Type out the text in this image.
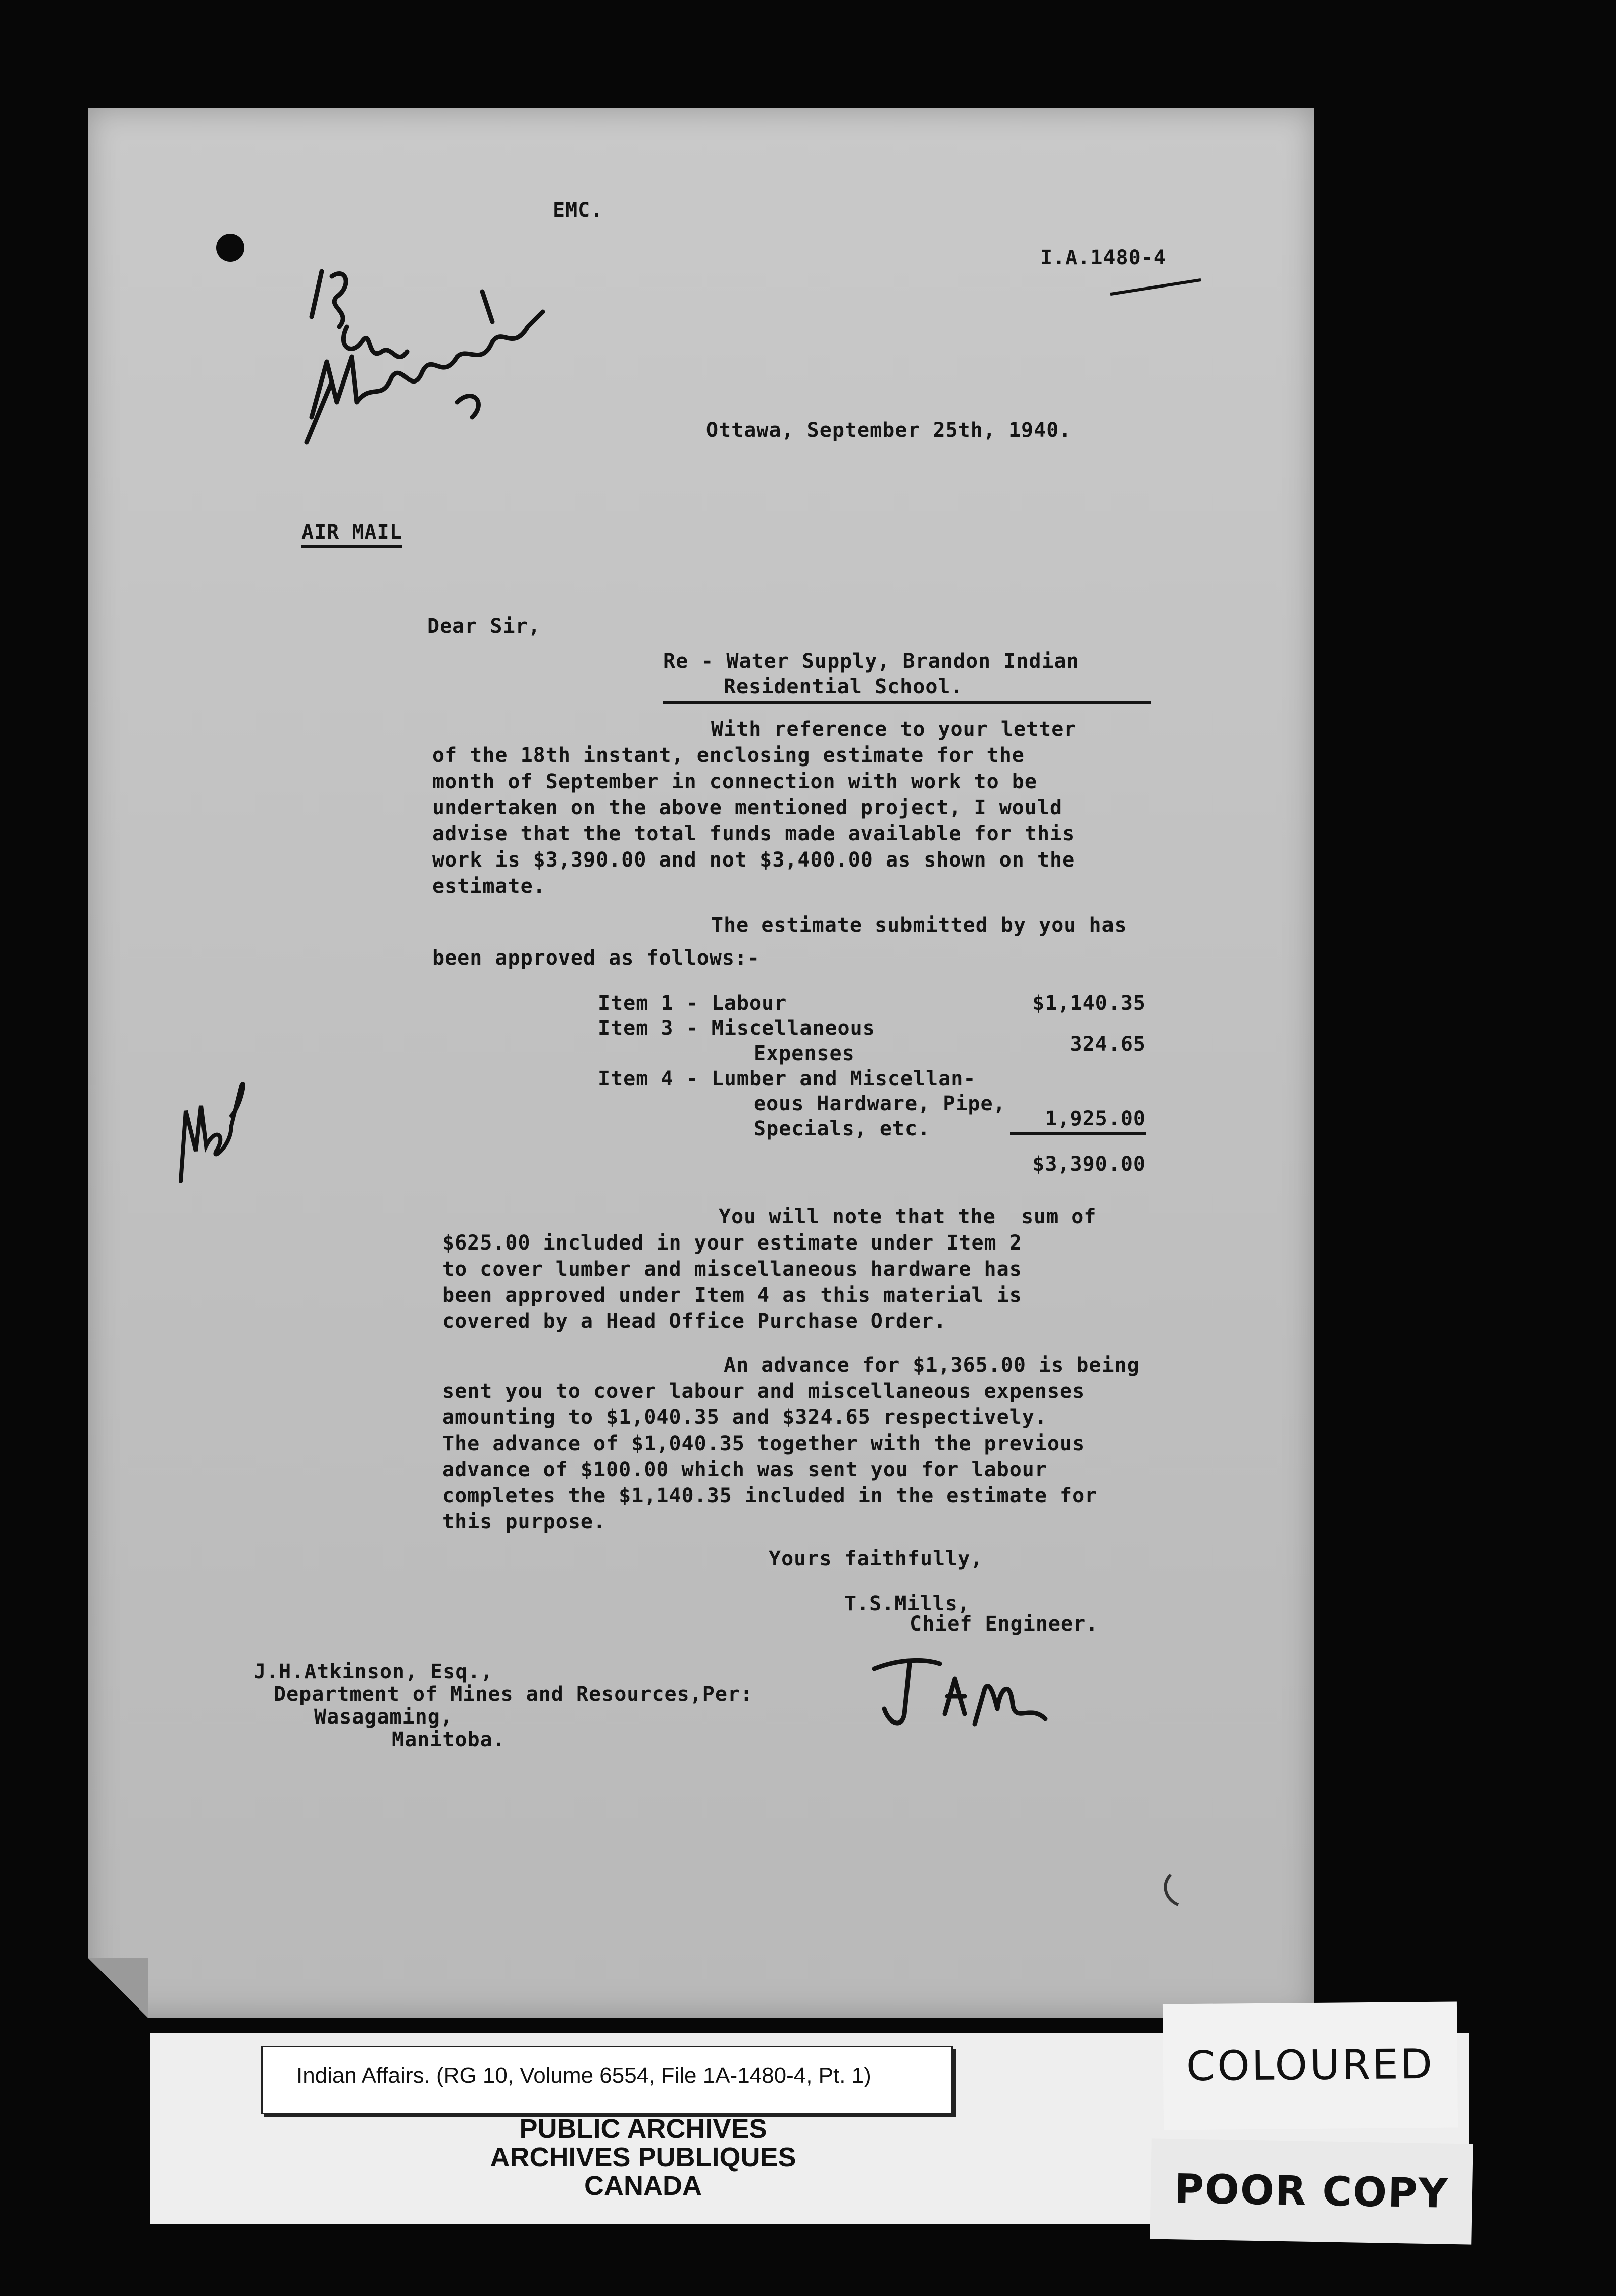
EMC.
I.A.1480-4
Ottawa, September 25th, 1940.
AIR MAIL
Dear Sir,
Re - Water Supply, Brandon Indian
Residential School.
With reference to your letter
of the 18th instant, enclosing estimate for the
month of September in connection with work to be
undertaken on the above mentioned project, I would
advise that the total funds made available for this
work is $3,390.00 and not $3,400.00 as shown on the
estimate.
The estimate submitted by you has
been approved as follows:-
Item 1 - Labour	$1,140.35
Item 3 - Miscellaneous
Expenses	324.65
Item 4 - Lumber and Miscellan-
eous Hardware, Pipe,
Specials, etc.	1,925.00
$3,390.00
You will note that the  sum of
$625.00 included in your estimate under Item 2
to cover lumber and miscellaneous hardware has
been approved under Item 4 as this material is
covered by a Head Office Purchase Order.
An advance for $1,365.00 is being
sent you to cover labour and miscellaneous expenses
amounting to $1,040.35 and $324.65 respectively.
The advance of $1,040.35 together with the previous
advance of $100.00 which was sent you for labour
completes the $1,140.35 included in the estimate for
this purpose.
Yours faithfully,
T.S.Mills,
Chief Engineer.
J.H.Atkinson, Esq.,
Department of Mines and Resources,Per:
Wasagaming,
Manitoba.
Indian Affairs. (RG 10, Volume 6554, File 1A-1480-4, Pt. 1)
PUBLIC ARCHIVES
ARCHIVES PUBLIQUES
CANADA
COLOURED
POOR COPY
